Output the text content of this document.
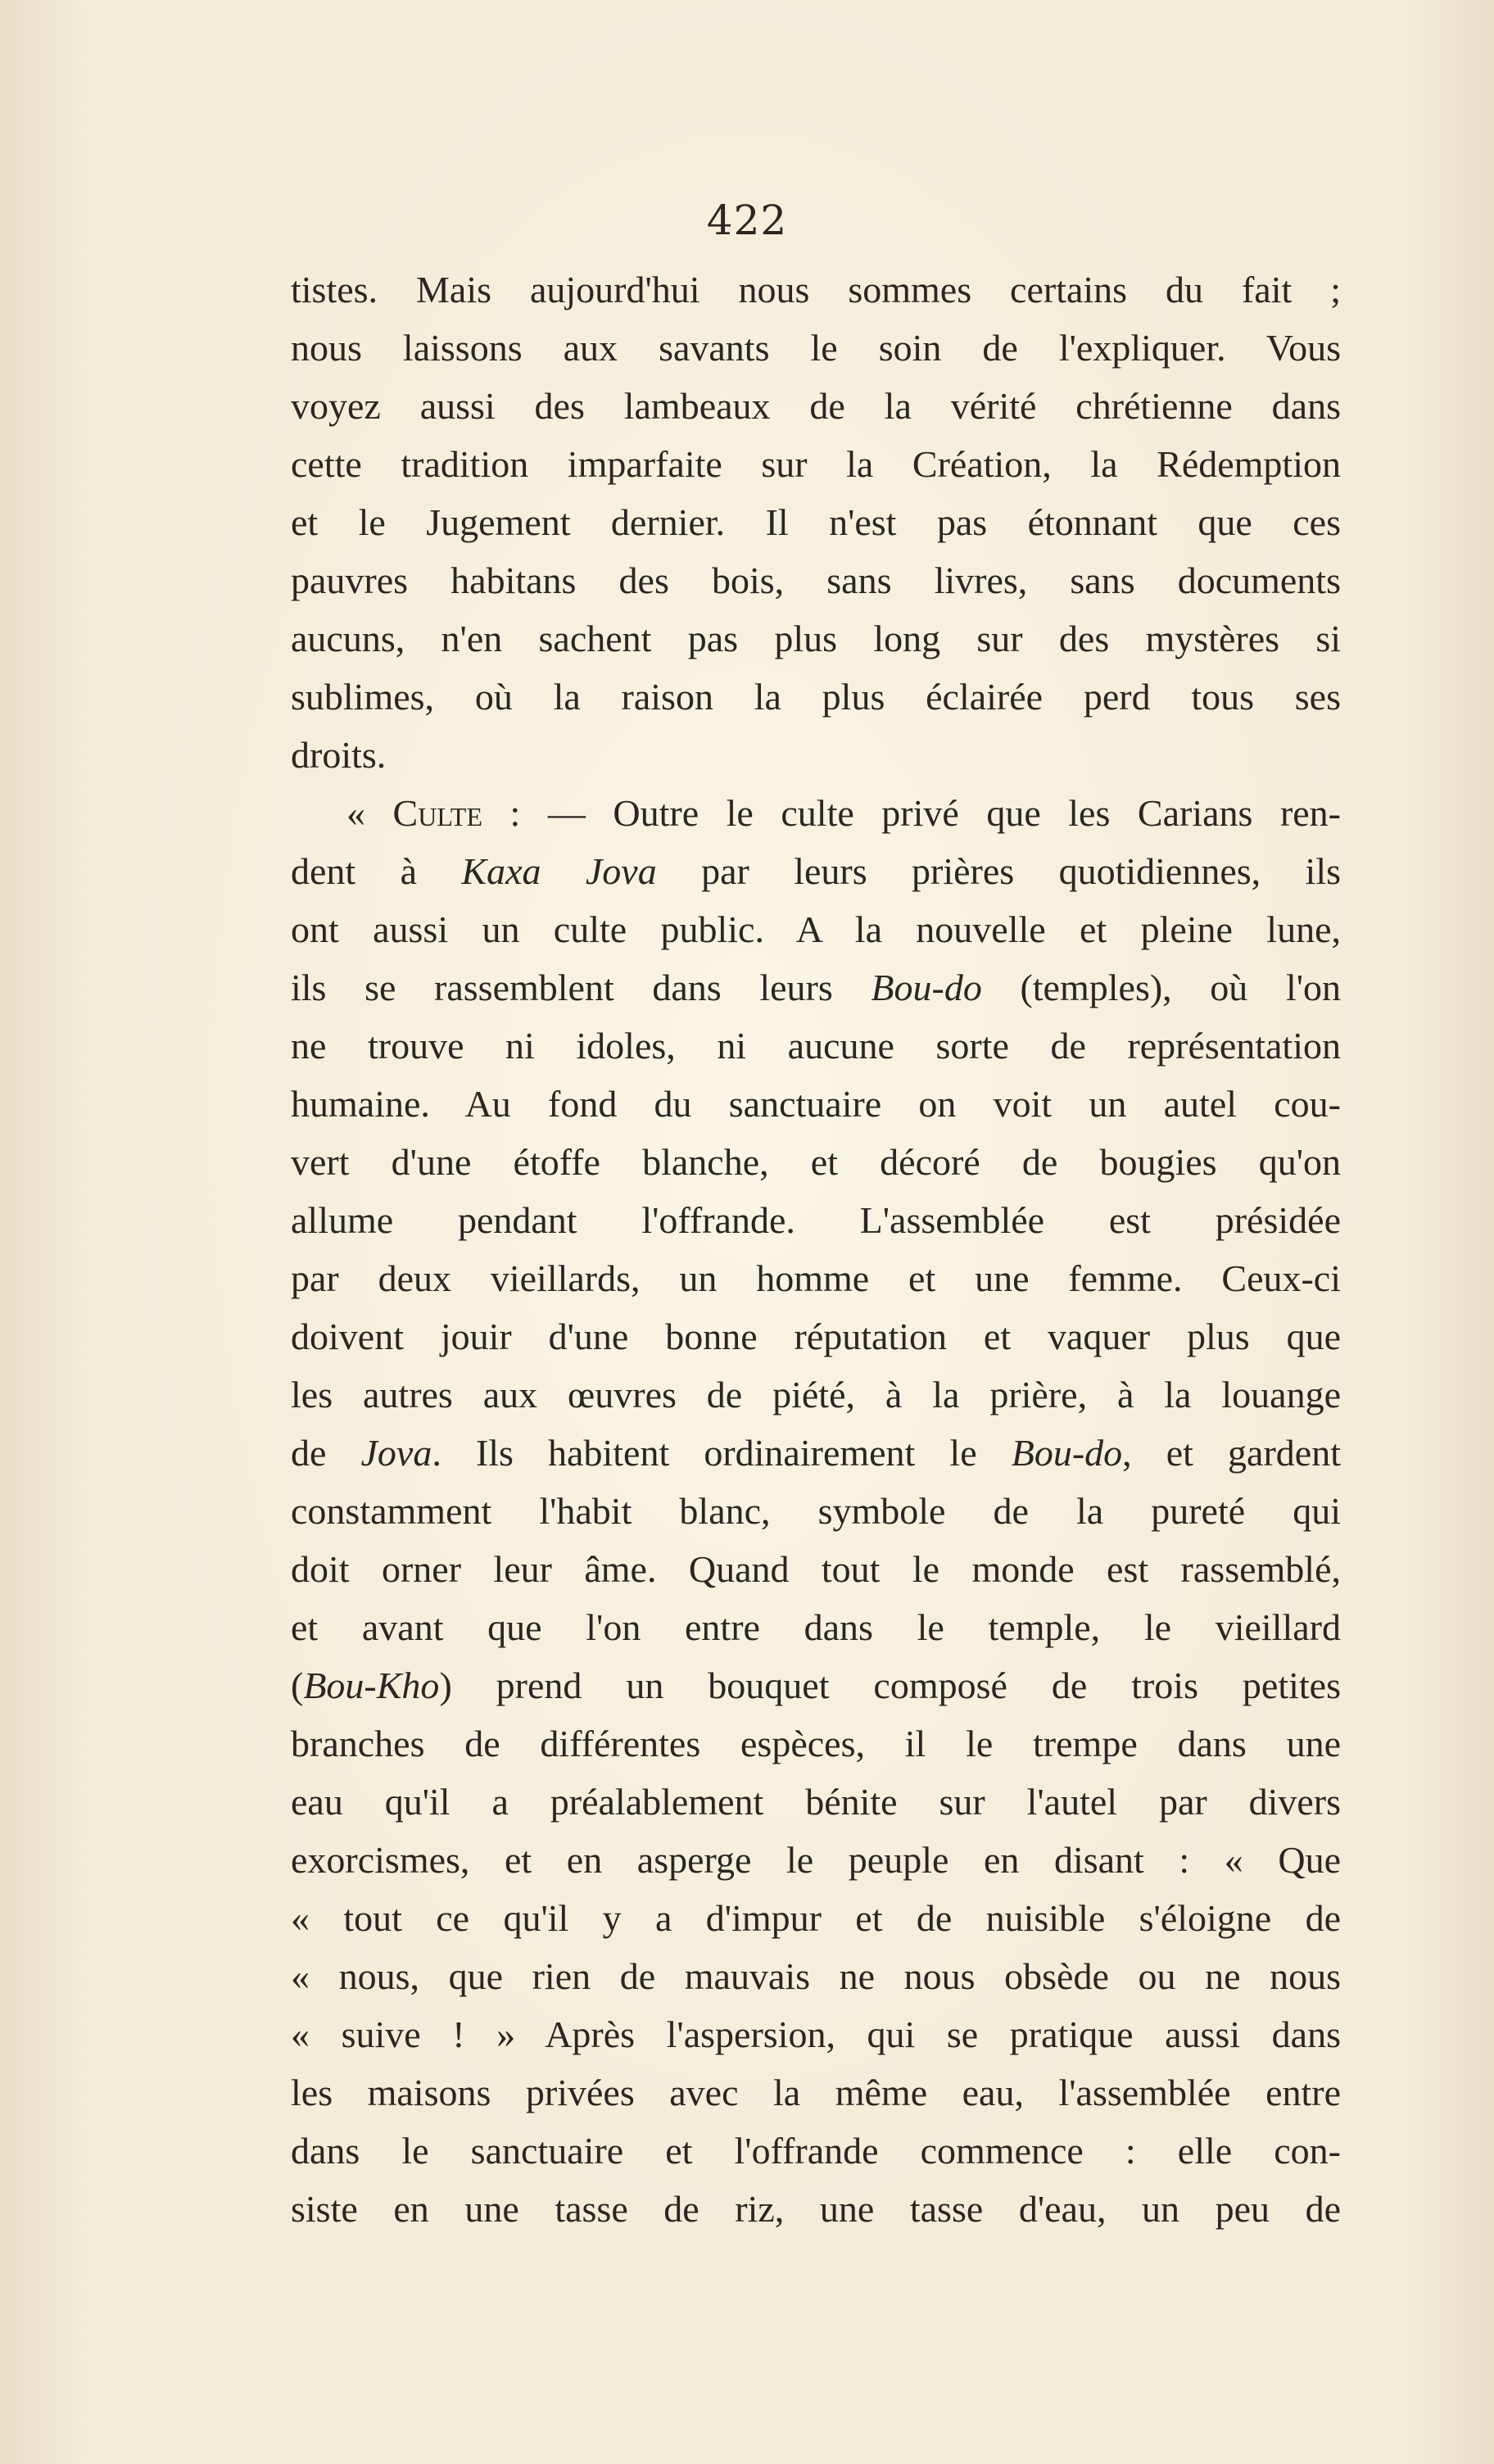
422
tistes. Mais aujourd'hui nous sommes certains du fait ;
nous laissons aux savants le soin de l'expliquer. Vous
voyez aussi des lambeaux de la vérité chrétienne dans
cette tradition imparfaite sur la Création, la Rédemption
et le Jugement dernier. Il n'est pas étonnant que ces
pauvres habitans des bois, sans livres, sans documents
aucuns, n'en sachent pas plus long sur des mystères si
sublimes, où la raison la plus éclairée perd tous ses
droits.
« Culte : — Outre le culte privé que les Carians ren-
dent à Kaxa Jova par leurs prières quotidiennes, ils
ont aussi un culte public. A la nouvelle et pleine lune,
ils se rassemblent dans leurs Bou-do (temples), où l'on
ne trouve ni idoles, ni aucune sorte de représentation
humaine. Au fond du sanctuaire on voit un autel cou-
vert d'une étoffe blanche, et décoré de bougies qu'on
allume pendant l'offrande. L'assemblée est présidée
par deux vieillards, un homme et une femme. Ceux-ci
doivent jouir d'une bonne réputation et vaquer plus que
les autres aux œuvres de piété, à la prière, à la louange
de Jova. Ils habitent ordinairement le Bou-do, et gardent
constamment l'habit blanc, symbole de la pureté qui
doit orner leur âme. Quand tout le monde est rassemblé,
et avant que l'on entre dans le temple, le vieillard
(Bou-Kho) prend un bouquet composé de trois petites
branches de différentes espèces, il le trempe dans une
eau qu'il a préalablement bénite sur l'autel par divers
exorcismes, et en asperge le peuple en disant : « Que
« tout ce qu'il y a d'impur et de nuisible s'éloigne de
« nous, que rien de mauvais ne nous obsède ou ne nous
« suive ! » Après l'aspersion, qui se pratique aussi dans
les maisons privées avec la même eau, l'assemblée entre
dans le sanctuaire et l'offrande commence : elle con-
siste en une tasse de riz, une tasse d'eau, un peu de
